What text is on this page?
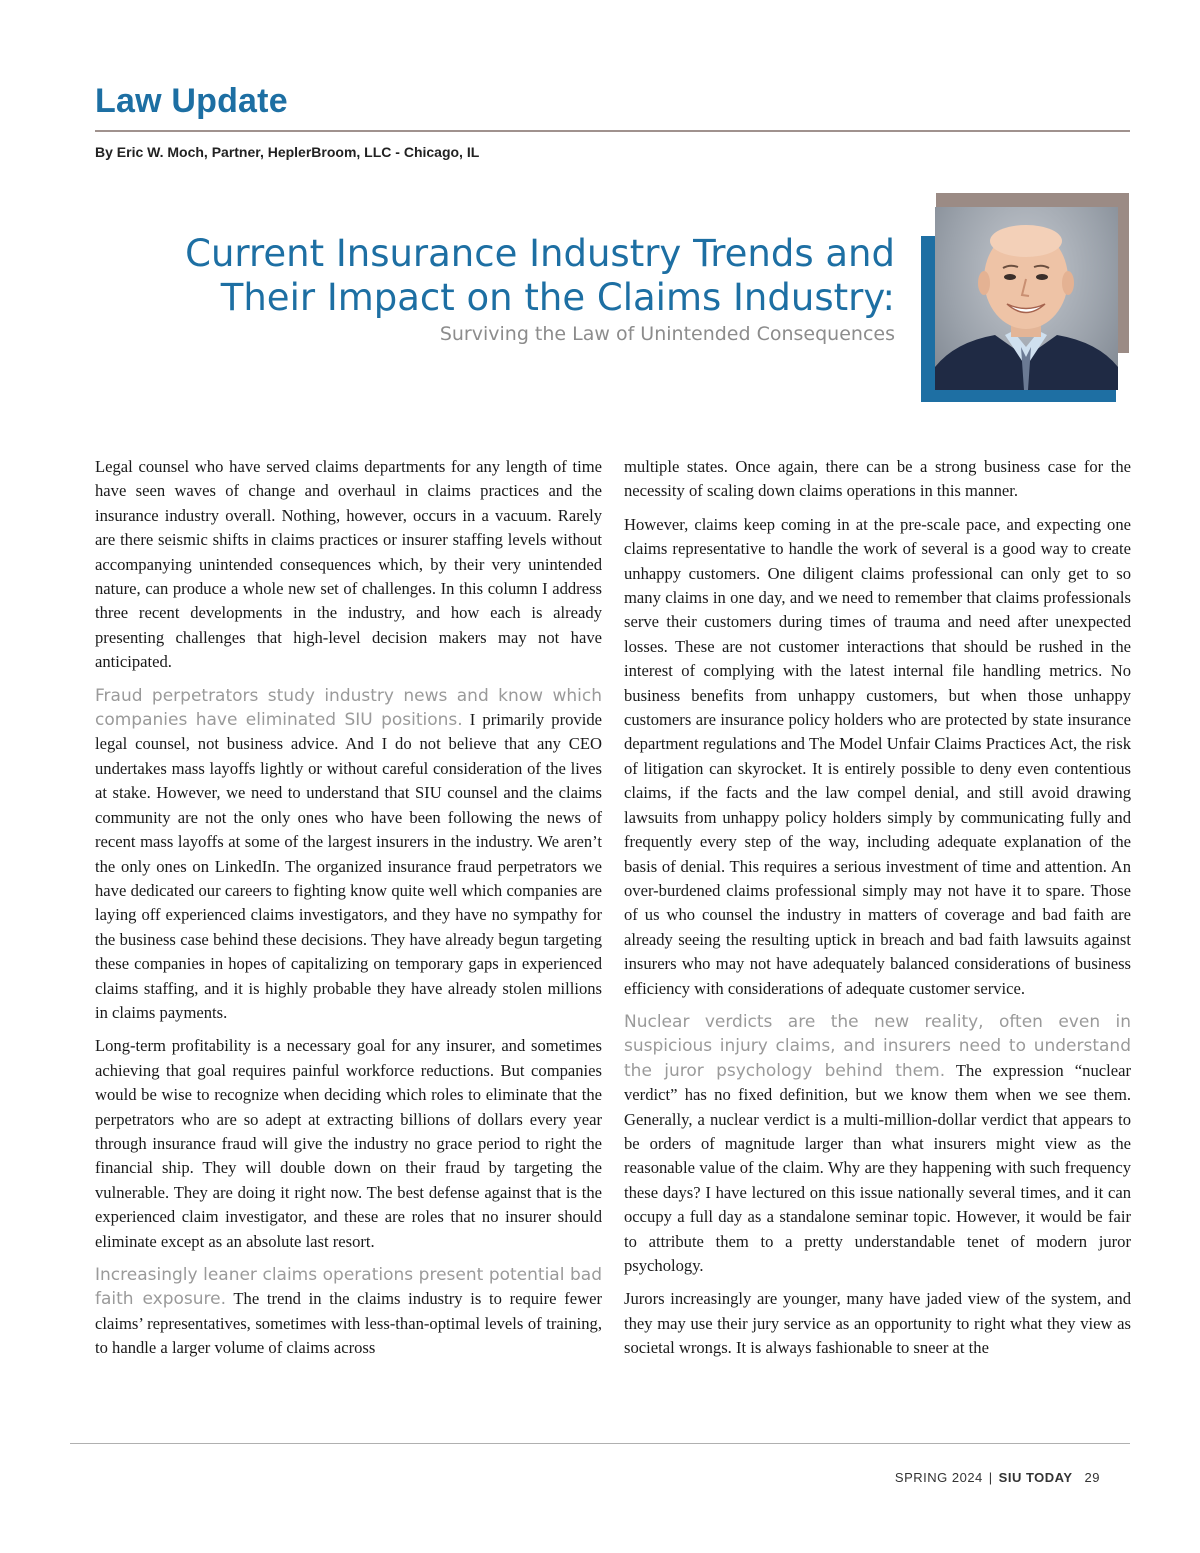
Law Update
By Eric W. Moch, Partner, HeplerBroom, LLC - Chicago, IL
Current Insurance Industry Trends and
Their Impact on the Claims Industry:
Surviving the Law of Unintended Consequences

Legal counsel who have served claims departments for any length of time have seen waves of change and overhaul in claims practices and the insurance industry overall. Nothing, however, occurs in a vacuum. Rarely are there seismic shifts in claims practices or insurer staffing levels without accompanying unintended consequences which, by their very unintended nature, can produce a whole new set of challenges. In this column I address three recent developments in the industry, and how each is already presenting challenges that high-level decision makers may not have anticipated.

Fraud perpetrators study industry news and know which companies have eliminated SIU positions. I primarily provide legal counsel, not business advice. And I do not believe that any CEO undertakes mass layoffs lightly or without careful consideration of the lives at stake. However, we need to understand that SIU counsel and the claims community are not the only ones who have been following the news of recent mass layoffs at some of the largest insurers in the industry. We aren’t the only ones on LinkedIn. The organized insurance fraud perpetrators we have dedicated our careers to fighting know quite well which companies are laying off experienced claims investigators, and they have no sympathy for the business case behind these decisions. They have already begun targeting these companies in hopes of capitalizing on temporary gaps in experienced claims staffing, and it is highly probable they have already stolen millions in claims payments.

Long-term profitability is a necessary goal for any insurer, and sometimes achieving that goal requires painful workforce reductions. But companies would be wise to recognize when deciding which roles to eliminate that the perpetrators who are so adept at extracting billions of dollars every year through insurance fraud will give the industry no grace period to right the financial ship. They will double down on their fraud by targeting the vulnerable. They are doing it right now. The best defense against that is the experienced claim investigator, and these are roles that no insurer should eliminate except as an absolute last resort.

Increasingly leaner claims operations present potential bad faith exposure. The trend in the claims industry is to require fewer claims’ representatives, sometimes with less-than-optimal levels of training, to handle a larger volume of claims across

multiple states. Once again, there can be a strong business case for the necessity of scaling down claims operations in this manner.

However, claims keep coming in at the pre-scale pace, and expecting one claims representative to handle the work of several is a good way to create unhappy customers. One diligent claims professional can only get to so many claims in one day, and we need to remember that claims professionals serve their customers during times of trauma and need after unexpected losses. These are not customer interactions that should be rushed in the interest of complying with the latest internal file handling metrics. No business benefits from unhappy customers, but when those unhappy customers are insurance policy holders who are protected by state insurance department regulations and The Model Unfair Claims Practices Act, the risk of litigation can skyrocket. It is entirely possible to deny even contentious claims, if the facts and the law compel denial, and still avoid drawing lawsuits from unhappy policy holders simply by communicating fully and frequently every step of the way, including adequate explanation of the basis of denial. This requires a serious investment of time and attention. An over-burdened claims professional simply may not have it to spare. Those of us who counsel the industry in matters of coverage and bad faith are already seeing the resulting uptick in breach and bad faith lawsuits against insurers who may not have adequately balanced considerations of business efficiency with considerations of adequate customer service.

Nuclear verdicts are the new reality, often even in suspicious injury claims, and insurers need to understand the juror psychology behind them. The expression “nuclear verdict” has no fixed definition, but we know them when we see them. Generally, a nuclear verdict is a multi-million-dollar verdict that appears to be orders of magnitude larger than what insurers might view as the reasonable value of the claim. Why are they happening with such frequency these days? I have lectured on this issue nationally several times, and it can occupy a full day as a standalone seminar topic. However, it would be fair to attribute them to a pretty understandable tenet of modern juror psychology.

Jurors increasingly are younger, many have jaded view of the system, and they may use their jury service as an opportunity to right what they view as societal wrongs. It is always fashionable to sneer at the

SPRING 2024 | SIU TODAY 29
